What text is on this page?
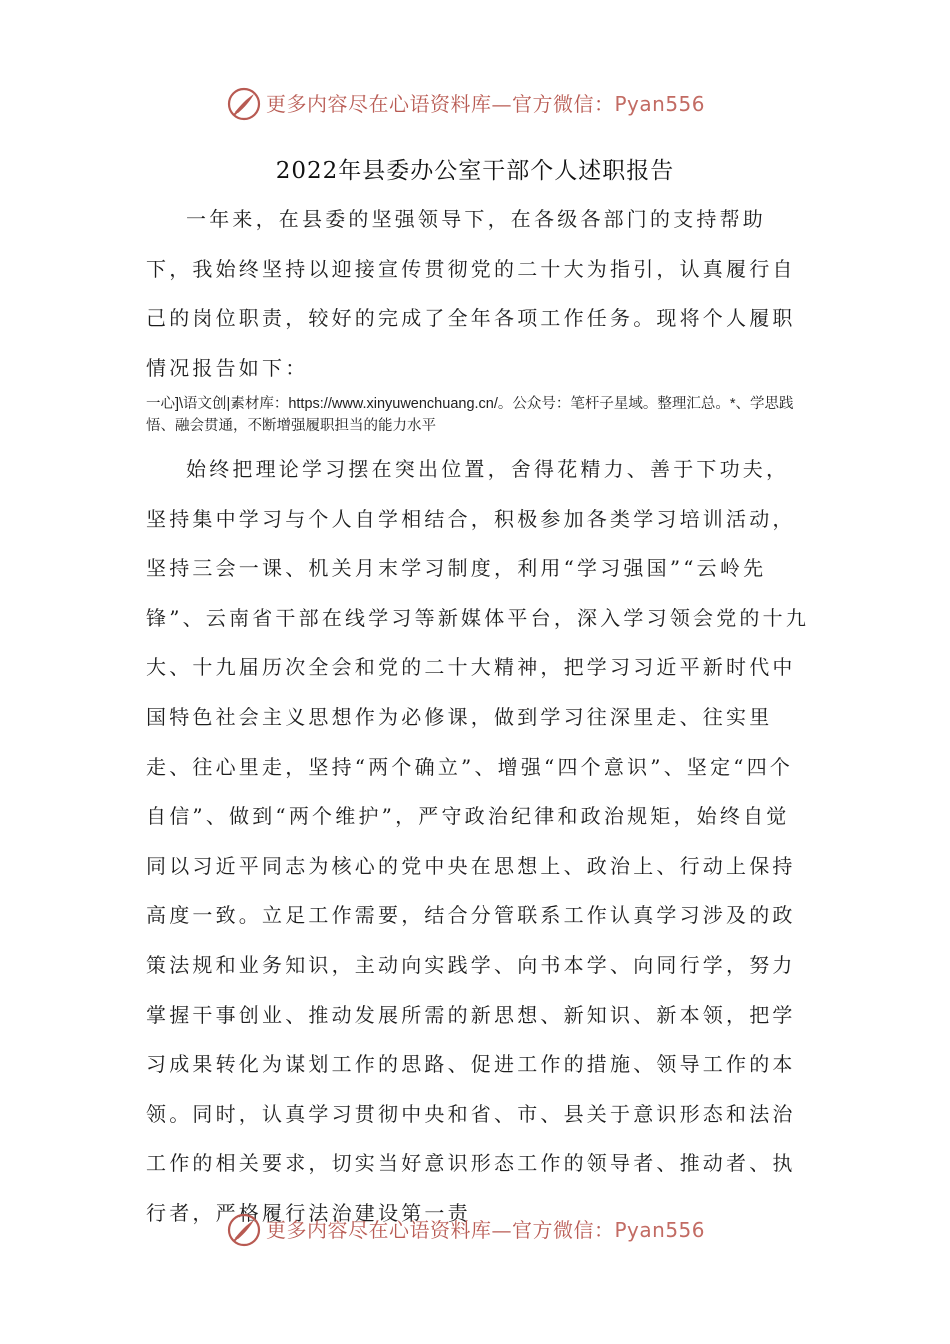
更多内容尽在心语资料库—官方微信：Pyan556
2022年县委办公室干部个人述职报告

一年来，在县委的坚强领导下，在各级各部门的支持帮助下，我始终坚持以迎接宣传贯彻党的二十大为指引，认真履行自己的岗位职责，较好的完成了全年各项工作任务。现将个人履职情况报告如下：

一心]\语文创|素材库：https://www.xinyuwenchuang.cn/。公众号：笔杆子星域。整理汇总。*、学思践悟、融会贯通，不断增强履职担当的能力水平

始终把理论学习摆在突出位置，舍得花精力、善于下功夫，坚持集中学习与个人自学相结合，积极参加各类学习培训活动，坚持三会一课、机关月末学习制度，利用“学习强国”“云岭先锋”、云南省干部在线学习等新媒体平台，深入学习领会党的十九大、十九届历次全会和党的二十大精神，把学习习近平新时代中国特色社会主义思想作为必修课，做到学习往深里走、往实里走、往心里走，坚持“两个确立”、增强“四个意识”、坚定“四个自信”、做到“两个维护”，严守政治纪律和政治规矩，始终自觉同以习近平同志为核心的党中央在思想上、政治上、行动上保持高度一致。立足工作需要，结合分管联系工作认真学习涉及的政策法规和业务知识，主动向实践学、向书本学、向同行学，努力掌握干事创业、推动发展所需的新思想、新知识、新本领，把学习成果转化为谋划工作的思路、促进工作的措施、领导工作的本领。同时，认真学习贯彻中央和省、市、县关于意识形态和法治工作的相关要求，切实当好意识形态工作的领导者、推动者、执行者，严格履行法治建设第一责

更多内容尽在心语资料库—官方微信：Pyan556
